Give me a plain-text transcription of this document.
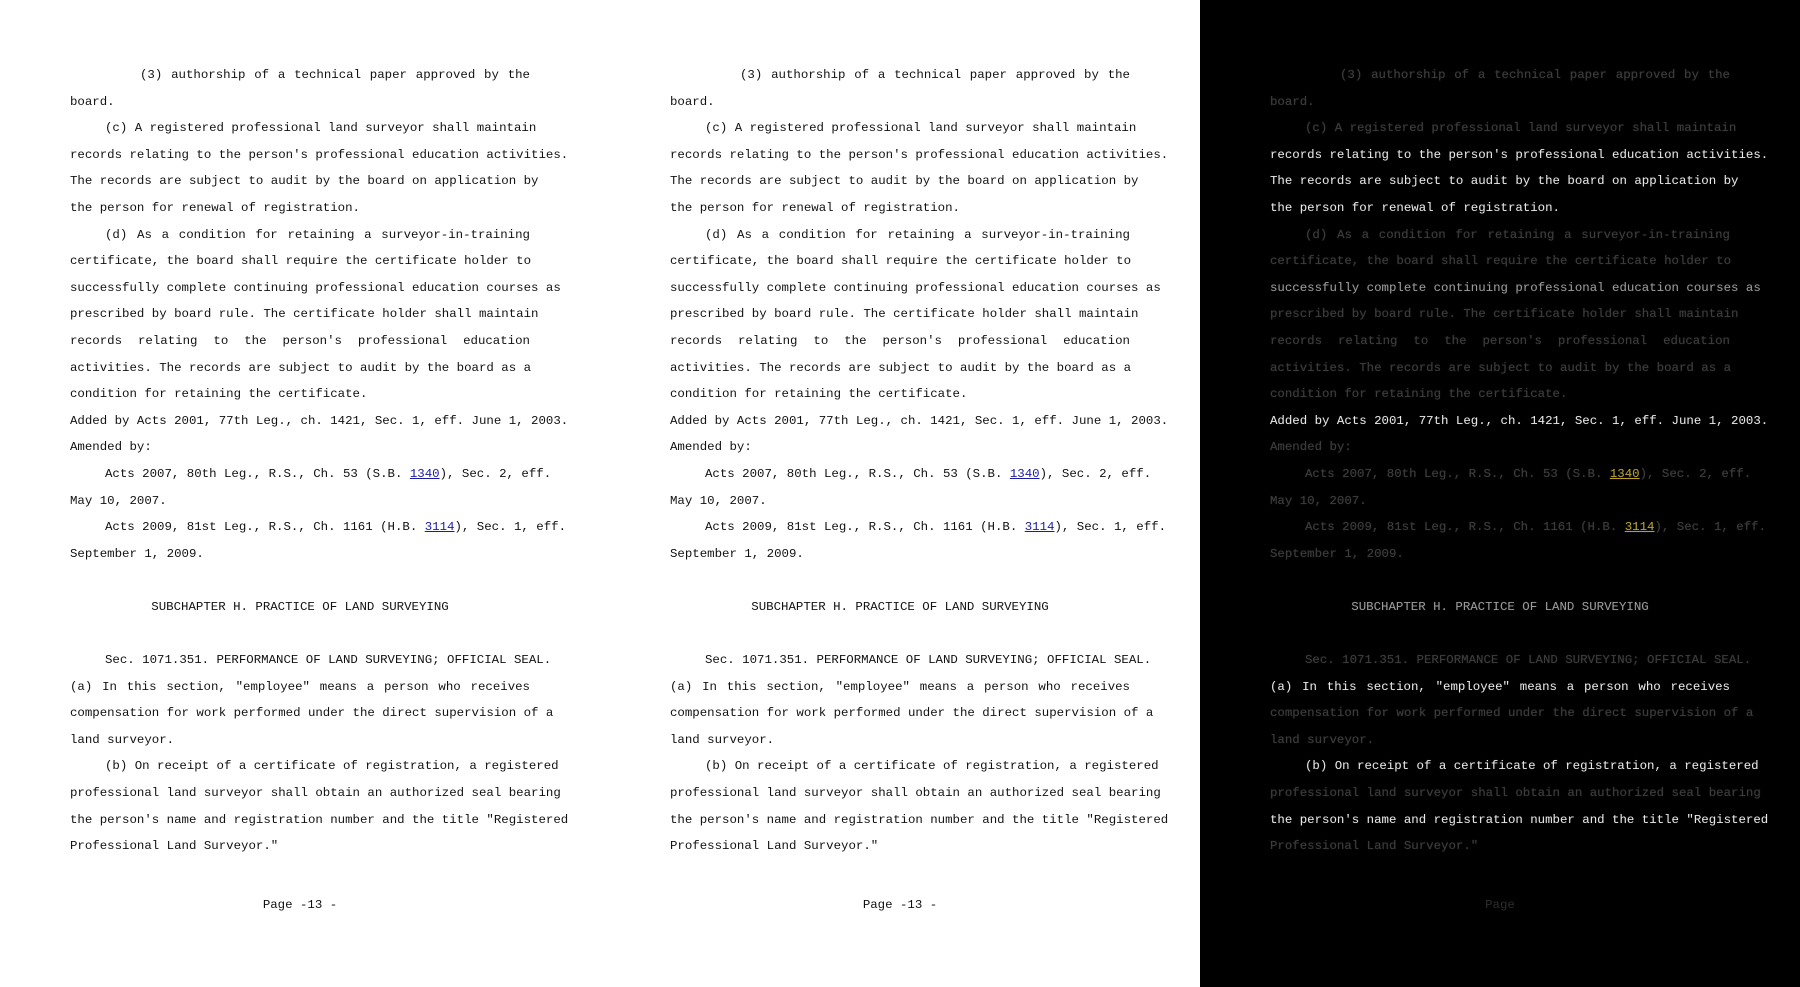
(3) authorship of a technical paper approved by the
board.
(c) A registered professional land surveyor shall maintain
records relating to the person's professional education activities.
The records are subject to audit by the board on application by
the person for renewal of registration.
(d) As a condition for retaining a surveyor-in-training
certificate, the board shall require the certificate holder to
successfully complete continuing professional education courses as
prescribed by board rule. The certificate holder shall maintain
records relating to the person's professional education
activities. The records are subject to audit by the board as a
condition for retaining the certificate.
Added by Acts 2001, 77th Leg., ch. 1421, Sec. 1, eff. June 1, 2003.
Amended by:
Acts 2007, 80th Leg., R.S., Ch. 53 (S.B. 1340), Sec. 2, eff.
May 10, 2007.
Acts 2009, 81st Leg., R.S., Ch. 1161 (H.B. 3114), Sec. 1, eff.
September 1, 2009.
SUBCHAPTER H. PRACTICE OF LAND SURVEYING
Sec. 1071.351. PERFORMANCE OF LAND SURVEYING; OFFICIAL SEAL.
(a) In this section, "employee" means a person who receives
compensation for work performed under the direct supervision of a
land surveyor.
(b) On receipt of a certificate of registration, a registered
professional land surveyor shall obtain an authorized seal bearing
the person's name and registration number and the title "Registered
Professional Land Surveyor."
Page -13 -
(3) authorship of a technical paper approved by the
board.
(c) A registered professional land surveyor shall maintain
records relating to the person's professional education activities.
The records are subject to audit by the board on application by
the person for renewal of registration.
(d) As a condition for retaining a surveyor-in-training
certificate, the board shall require the certificate holder to
successfully complete continuing professional education courses as
prescribed by board rule. The certificate holder shall maintain
records relating to the person's professional education
activities. The records are subject to audit by the board as a
condition for retaining the certificate.
Added by Acts 2001, 77th Leg., ch. 1421, Sec. 1, eff. June 1, 2003.
Amended by:
Acts 2007, 80th Leg., R.S., Ch. 53 (S.B. 1340), Sec. 2, eff.
May 10, 2007.
Acts 2009, 81st Leg., R.S., Ch. 1161 (H.B. 3114), Sec. 1, eff.
September 1, 2009.
SUBCHAPTER H. PRACTICE OF LAND SURVEYING
Sec. 1071.351. PERFORMANCE OF LAND SURVEYING; OFFICIAL SEAL.
(a) In this section, "employee" means a person who receives
compensation for work performed under the direct supervision of a
land surveyor.
(b) On receipt of a certificate of registration, a registered
professional land surveyor shall obtain an authorized seal bearing
the person's name and registration number and the title "Registered
Professional Land Surveyor."
Page -13 -
(3) authorship of a technical paper approved by the
board.
(c) A registered professional land surveyor shall maintain
records relating to the person's professional education activities.
The records are subject to audit by the board on application by
the person for renewal of registration.
(d) As a condition for retaining a surveyor-in-training
certificate, the board shall require the certificate holder to
successfully complete continuing professional education courses as
prescribed by board rule. The certificate holder shall maintain
records relating to the person's professional education
activities. The records are subject to audit by the board as a
condition for retaining the certificate.
Added by Acts 2001, 77th Leg., ch. 1421, Sec. 1, eff. June 1, 2003.
Amended by:
Acts 2007, 80th Leg., R.S., Ch. 53 (S.B. 1340), Sec. 2, eff.
May 10, 2007.
Acts 2009, 81st Leg., R.S., Ch. 1161 (H.B. 3114), Sec. 1, eff.
September 1, 2009.
SUBCHAPTER H. PRACTICE OF LAND SURVEYING
Sec. 1071.351. PERFORMANCE OF LAND SURVEYING; OFFICIAL SEAL.
(a) In this section, "employee" means a person who receives
compensation for work performed under the direct supervision of a
land surveyor.
(b) On receipt of a certificate of registration, a registered
professional land surveyor shall obtain an authorized seal bearing
the person's name and registration number and the title "Registered
Professional Land Surveyor."
Page
